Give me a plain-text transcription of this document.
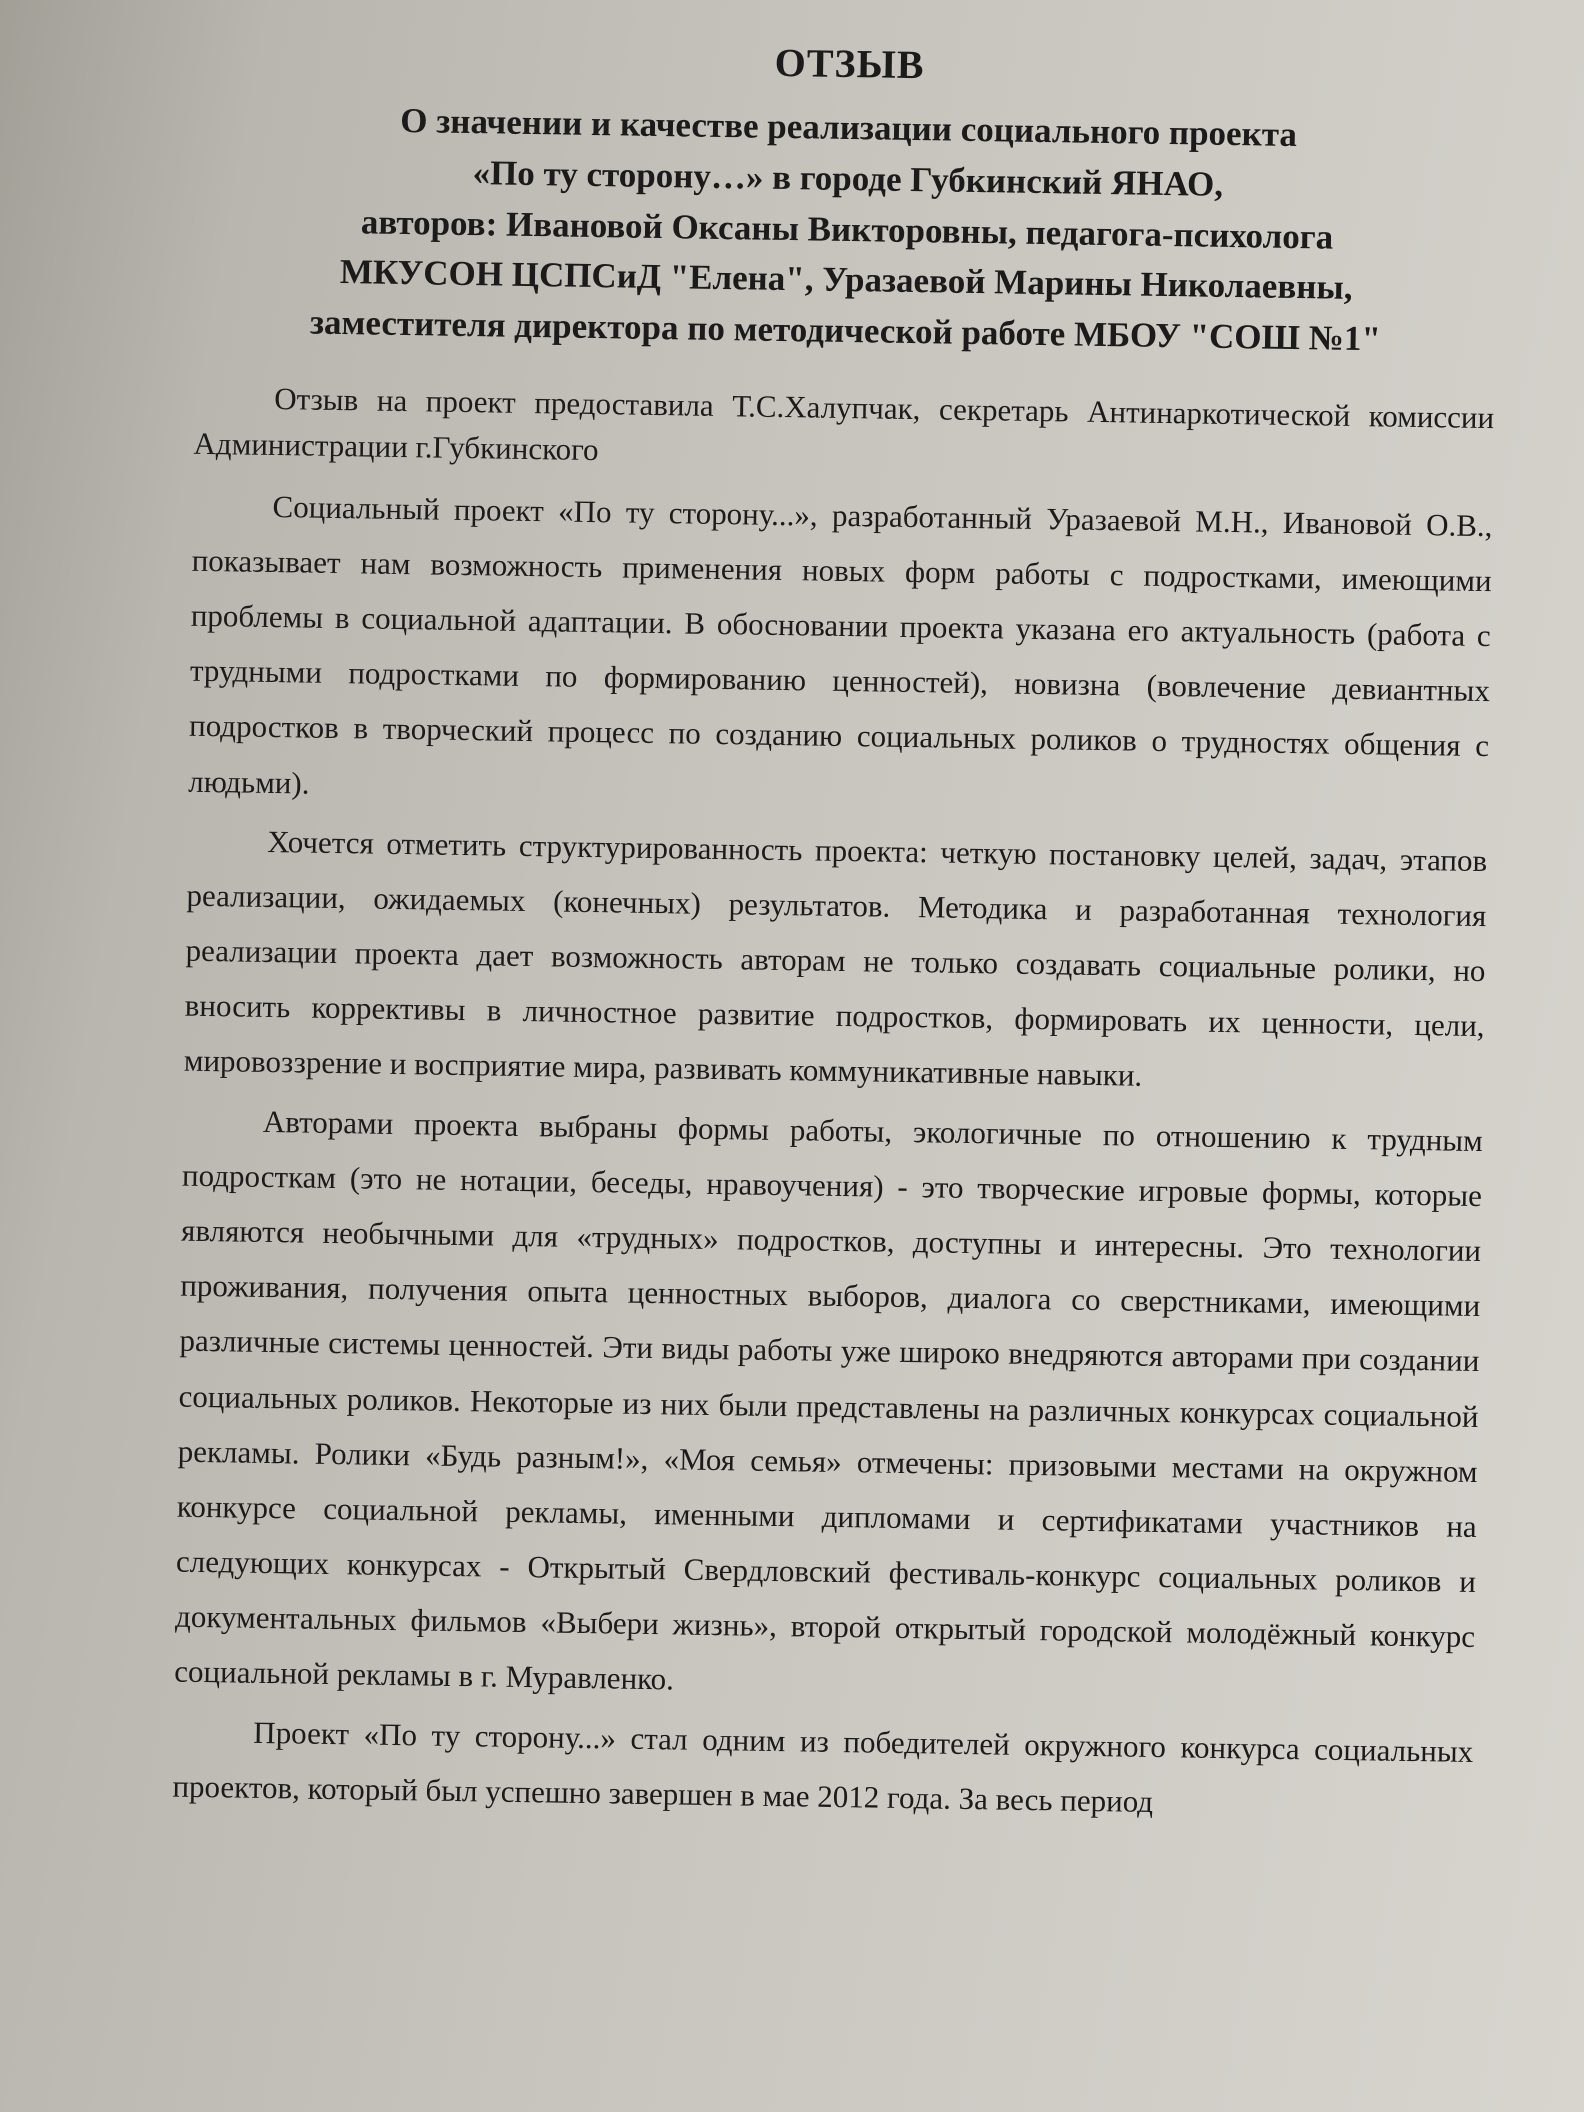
ОТЗЫВ
О значении и качестве реализации социального проекта
«По ту сторону…» в городе Губкинский ЯНАО,
авторов: Ивановой Оксаны Викторовны, педагога-психолога
МКУСОН ЦСПСиД "Елена", Уразаевой Марины Николаевны,
заместителя директора по методической работе МБОУ "СОШ №1"

Отзыв на проект предоставила Т.С.Халупчак, секретарь Антинаркотической комиссии Администрации г.Губкинского

Социальный проект «По ту сторону...», разработанный Уразаевой М.Н., Ивановой О.В., показывает нам возможность применения новых форм работы с подростками, имеющими проблемы в социальной адаптации. В обосновании проекта указана его актуальность (работа с трудными подростками по формированию ценностей), новизна (вовлечение девиантных подростков в творческий процесс по созданию социальных роликов о трудностях общения с людьми).

Хочется отметить структурированность проекта: четкую постановку целей, задач, этапов реализации, ожидаемых (конечных) результатов. Методика и разработанная технология реализации проекта дает возможность авторам не только создавать социальные ролики, но вносить коррективы в личностное развитие подростков, формировать их ценности, цели, мировоззрение и восприятие мира, развивать коммуникативные навыки.

Авторами проекта выбраны формы работы, экологичные по отношению к трудным подросткам (это не нотации, беседы, нравоучения) - это творческие игровые формы, которые являются необычными для «трудных» подростков, доступны и интересны. Это технологии проживания, получения опыта ценностных выборов, диалога со сверстниками, имеющими различные системы ценностей. Эти виды работы уже широко внедряются авторами при создании социальных роликов. Некоторые из них были представлены на различных конкурсах социальной рекламы. Ролики «Будь разным!», «Моя семья» отмечены: призовыми местами на окружном конкурсе социальной рекламы, именными дипломами и сертификатами участников на следующих конкурсах - Открытый Свердловский фестиваль-конкурс социальных роликов и документальных фильмов «Выбери жизнь», второй открытый городской молодёжный конкурс социальной рекламы в г. Муравленко.

Проект «По ту сторону...» стал одним из победителей окружного конкурса социальных проектов, который был успешно завершен в мае 2012 года. За весь период
